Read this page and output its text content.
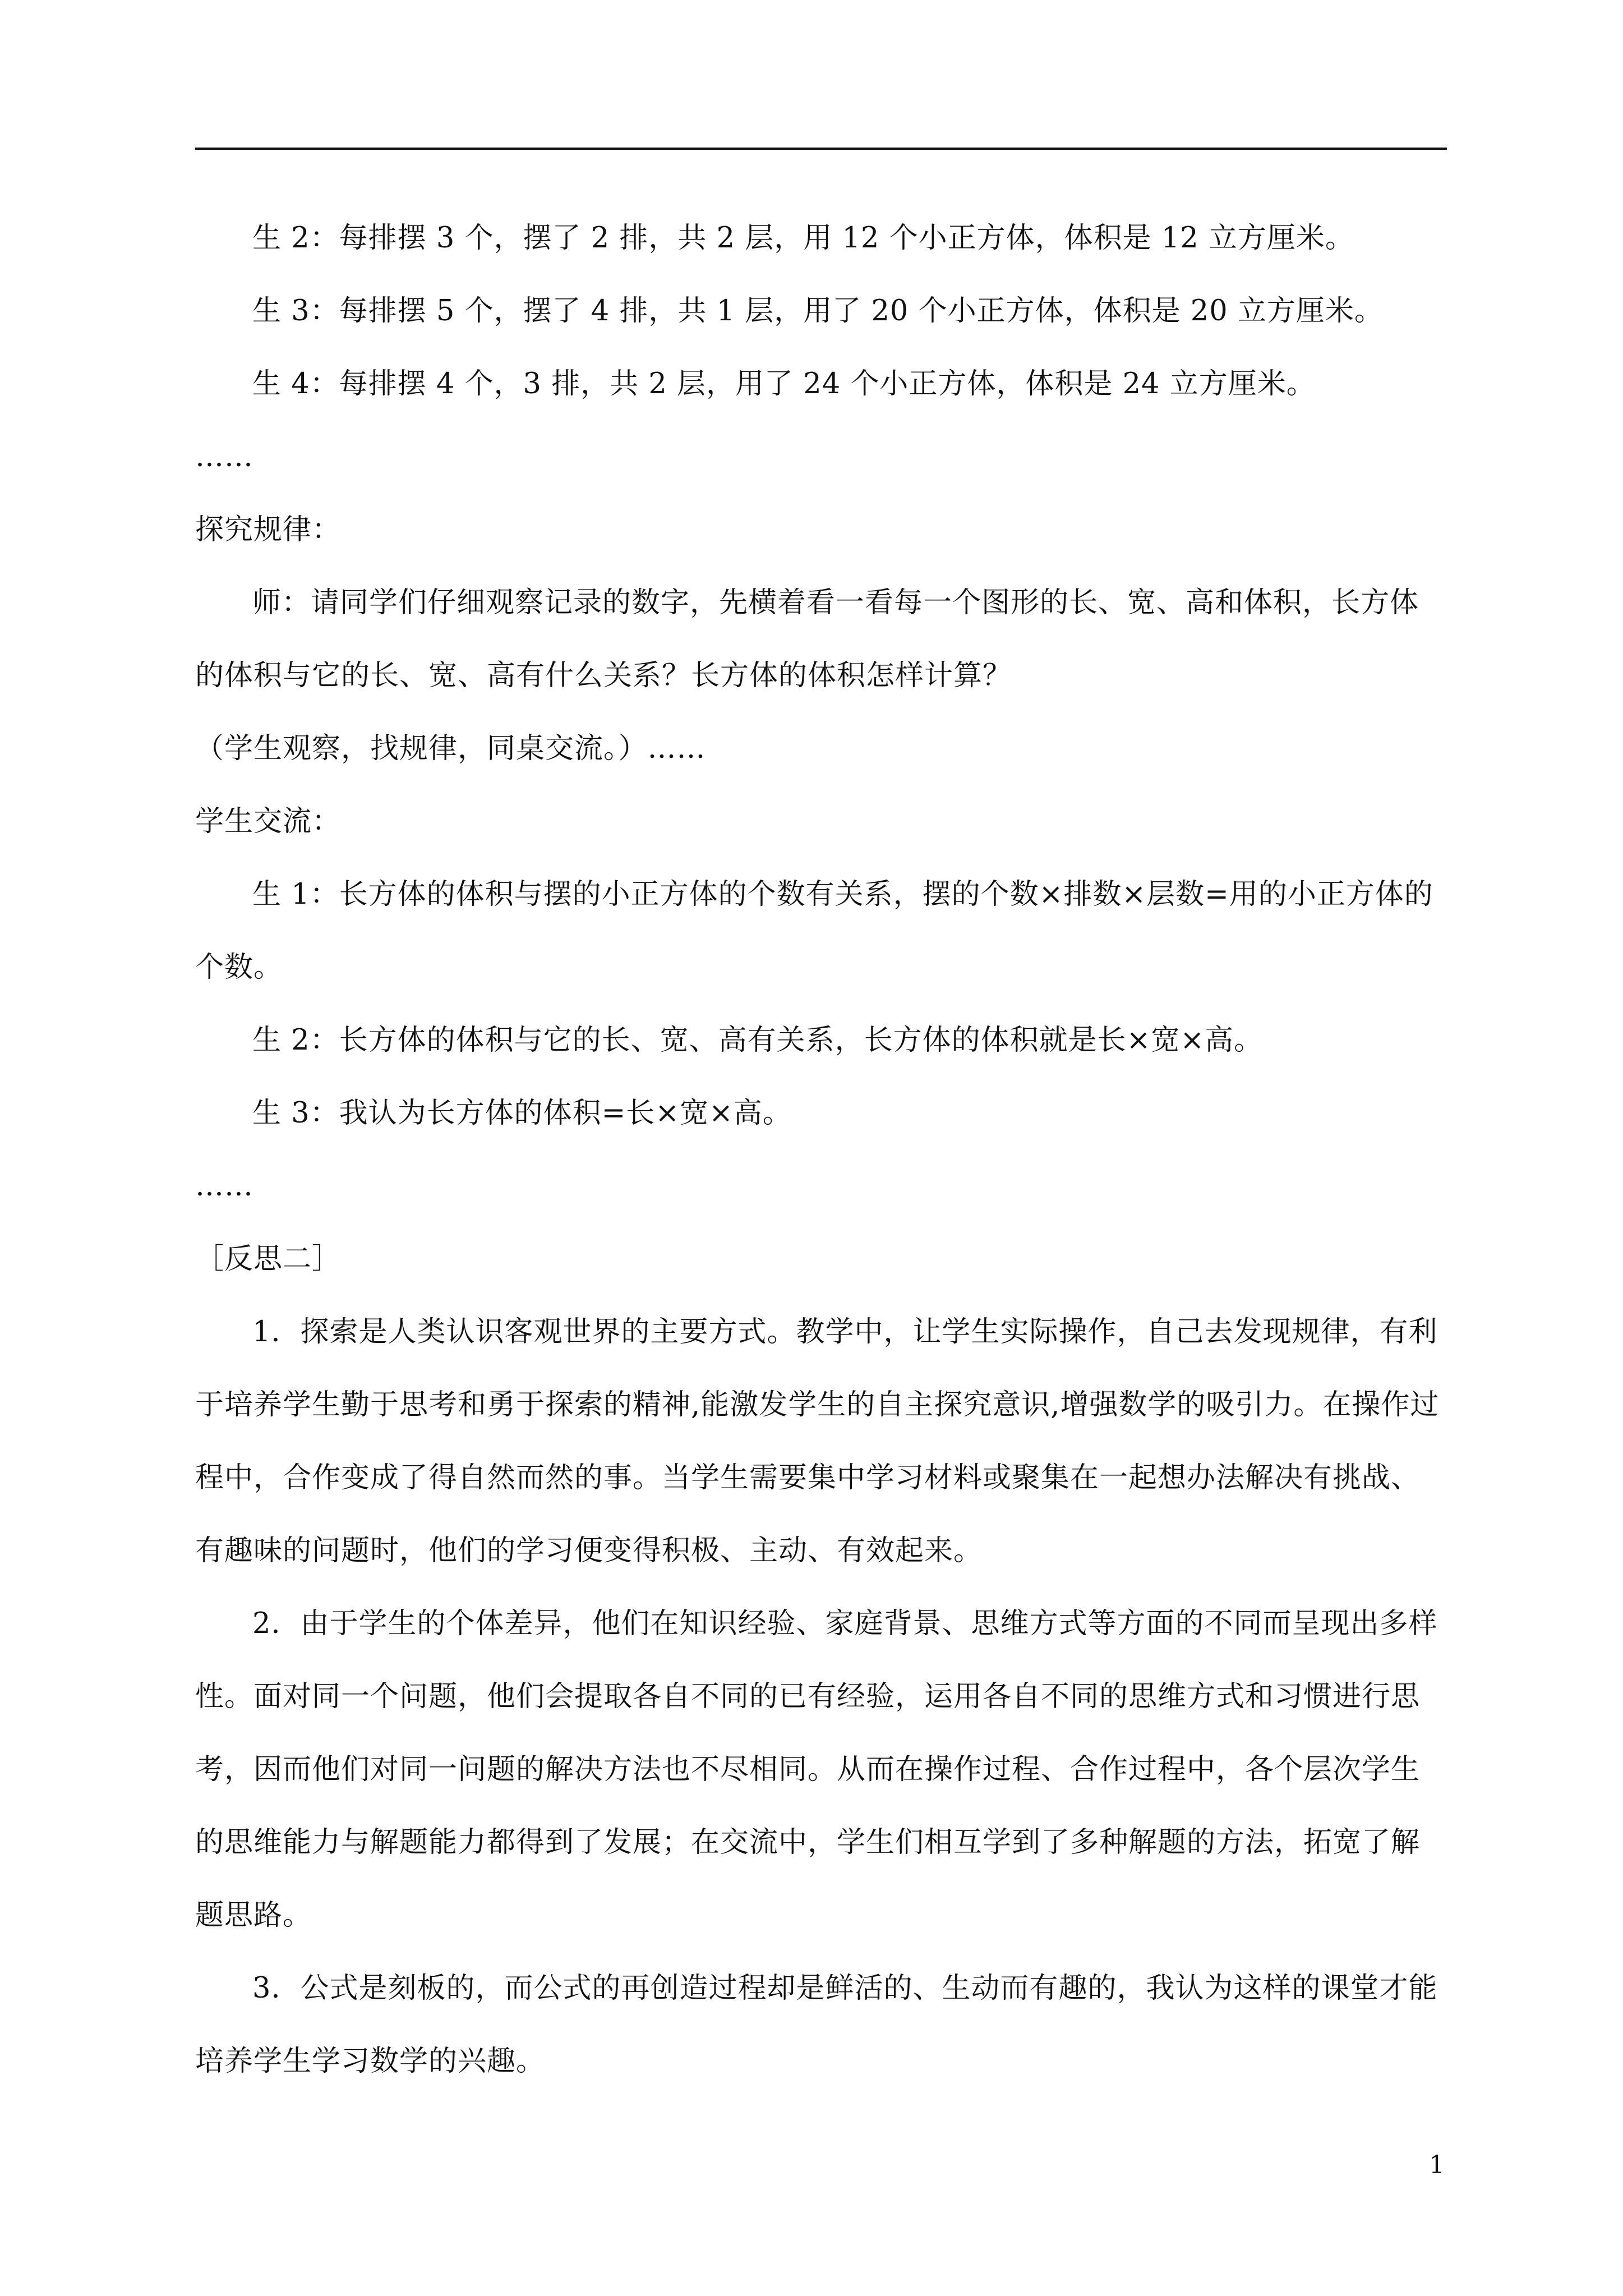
生 2：每排摆 3 个，摆了 2 排，共 2 层，用 12 个小正方体，体积是 12 立方厘米。

生 3：每排摆 5 个，摆了 4 排，共 1 层，用了 20 个小正方体，体积是 20 立方厘米。

生 4：每排摆 4 个，3 排，共 2 层，用了 24 个小正方体，体积是 24 立方厘米。

……

探究规律：

师：请同学们仔细观察记录的数字，先横着看一看每一个图形的长、宽、高和体积，长方体的体积与它的长、宽、高有什么关系？长方体的体积怎样计算？

（学生观察，找规律，同桌交流。）……

学生交流：

生 1：长方体的体积与摆的小正方体的个数有关系，摆的个数×排数×层数=用的小正方体的个数。

生 2：长方体的体积与它的长、宽、高有关系，长方体的体积就是长×宽×高。

生 3：我认为长方体的体积=长×宽×高。

……

［反思二］

1．探索是人类认识客观世界的主要方式。教学中，让学生实际操作，自己去发现规律，有利于培养学生勤于思考和勇于探索的精神,能激发学生的自主探究意识,增强数学的吸引力。在操作过程中，合作变成了得自然而然的事。当学生需要集中学习材料或聚集在一起想办法解决有挑战、有趣味的问题时，他们的学习便变得积极、主动、有效起来。

2．由于学生的个体差异，他们在知识经验、家庭背景、思维方式等方面的不同而呈现出多样性。面对同一个问题，他们会提取各自不同的已有经验，运用各自不同的思维方式和习惯进行思考，因而他们对同一问题的解决方法也不尽相同。从而在操作过程、合作过程中，各个层次学生的思维能力与解题能力都得到了发展；在交流中，学生们相互学到了多种解题的方法，拓宽了解题思路。

3．公式是刻板的，而公式的再创造过程却是鲜活的、生动而有趣的，我认为这样的课堂才能培养学生学习数学的兴趣。

1
